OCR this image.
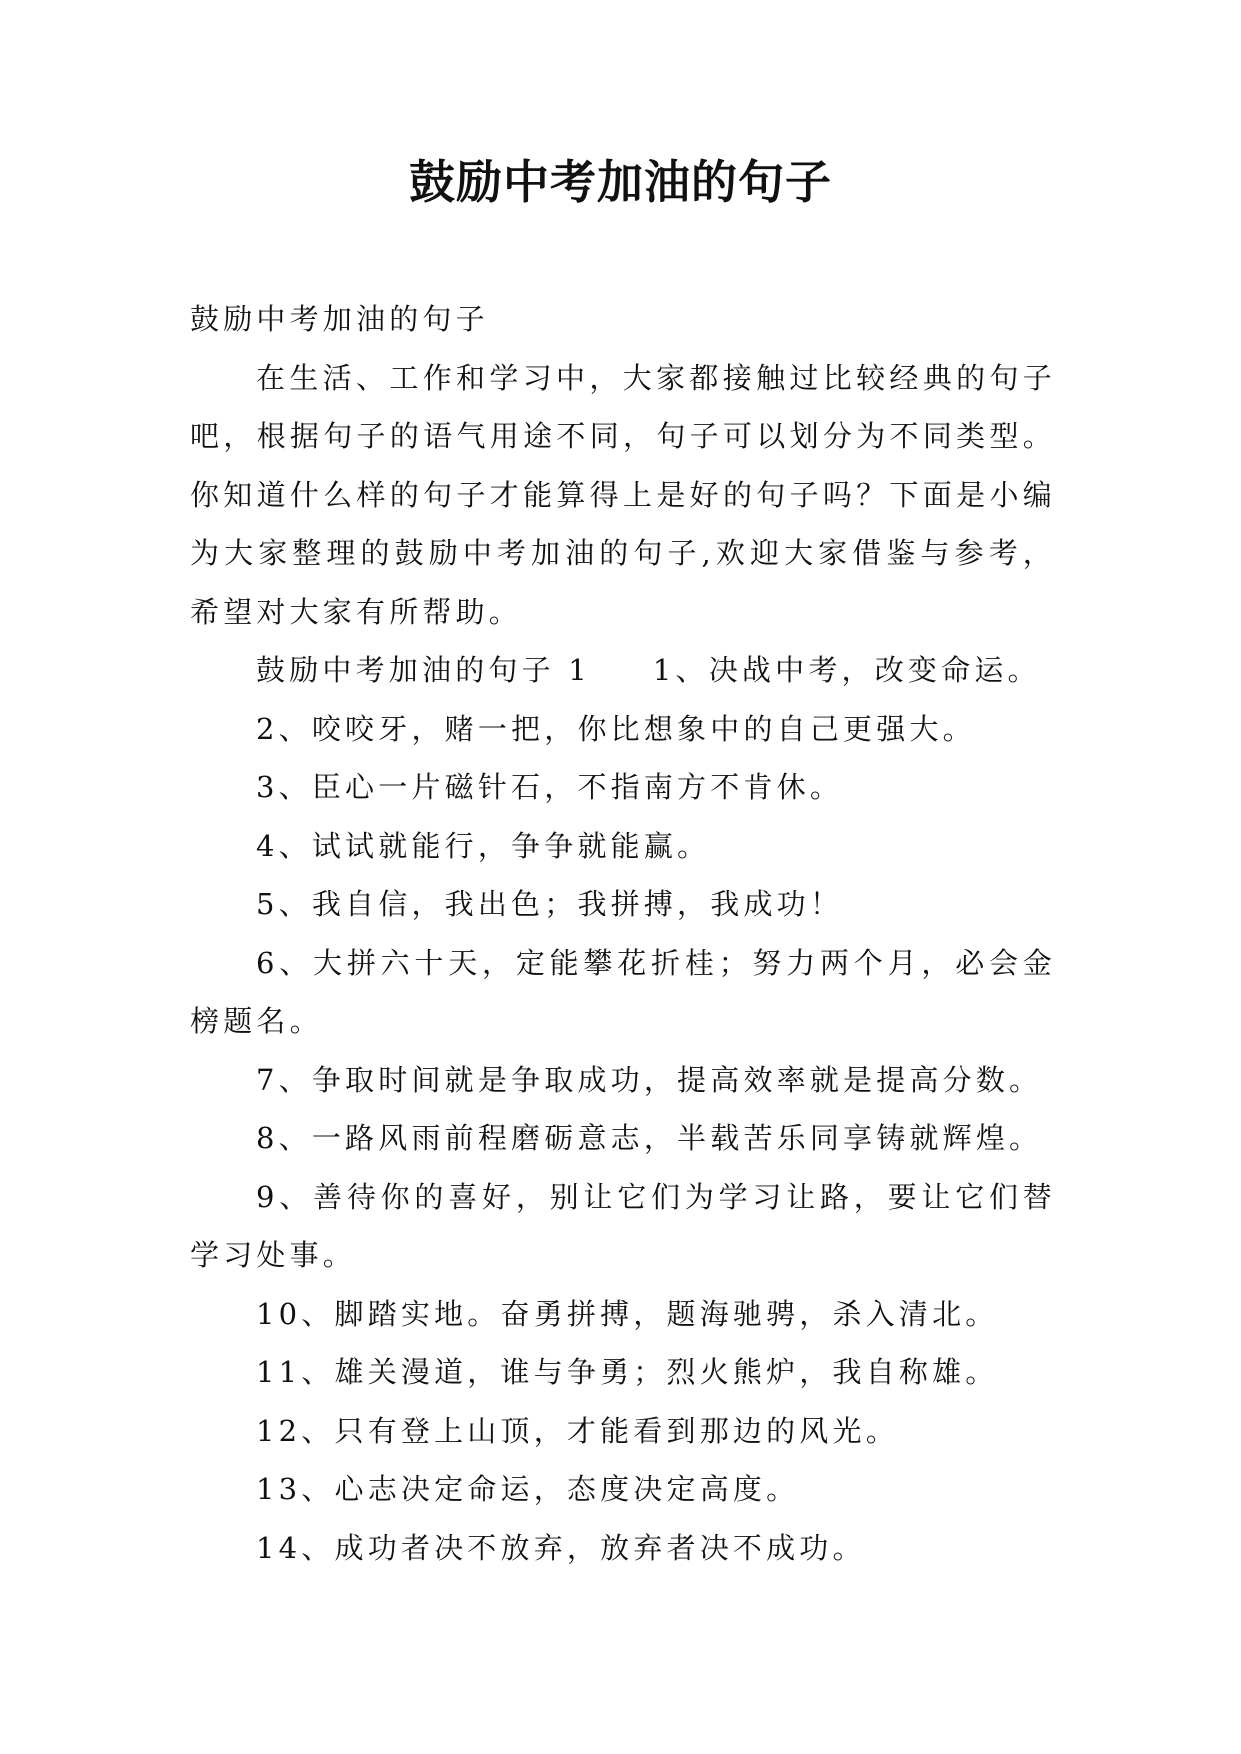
鼓励中考加油的句子

鼓励中考加油的句子

在生活、工作和学习中，大家都接触过比较经典的句子吧，根据句子的语气用途不同，句子可以划分为不同类型。你知道什么样的句子才能算得上是好的句子吗？下面是小编为大家整理的鼓励中考加油的句子,欢迎大家借鉴与参考，希望对大家有所帮助。

鼓励中考加油的句子 1 1、决战中考，改变命运。

2、咬咬牙，赌一把，你比想象中的自己更强大。

3、臣心一片磁针石，不指南方不肯休。

4、试试就能行，争争就能赢。

5、我自信，我出色；我拼搏，我成功！

6、大拼六十天，定能攀花折桂；努力两个月，必会金榜题名。

7、争取时间就是争取成功，提高效率就是提高分数。

8、一路风雨前程磨砺意志，半载苦乐同享铸就辉煌。

9、善待你的喜好，别让它们为学习让路，要让它们替学习处事。

10、脚踏实地。奋勇拼搏，题海驰骋，杀入清北。

11、雄关漫道，谁与争勇；烈火熊炉，我自称雄。

12、只有登上山顶，才能看到那边的风光。

13、心志决定命运，态度决定高度。

14、成功者决不放弃，放弃者决不成功。
